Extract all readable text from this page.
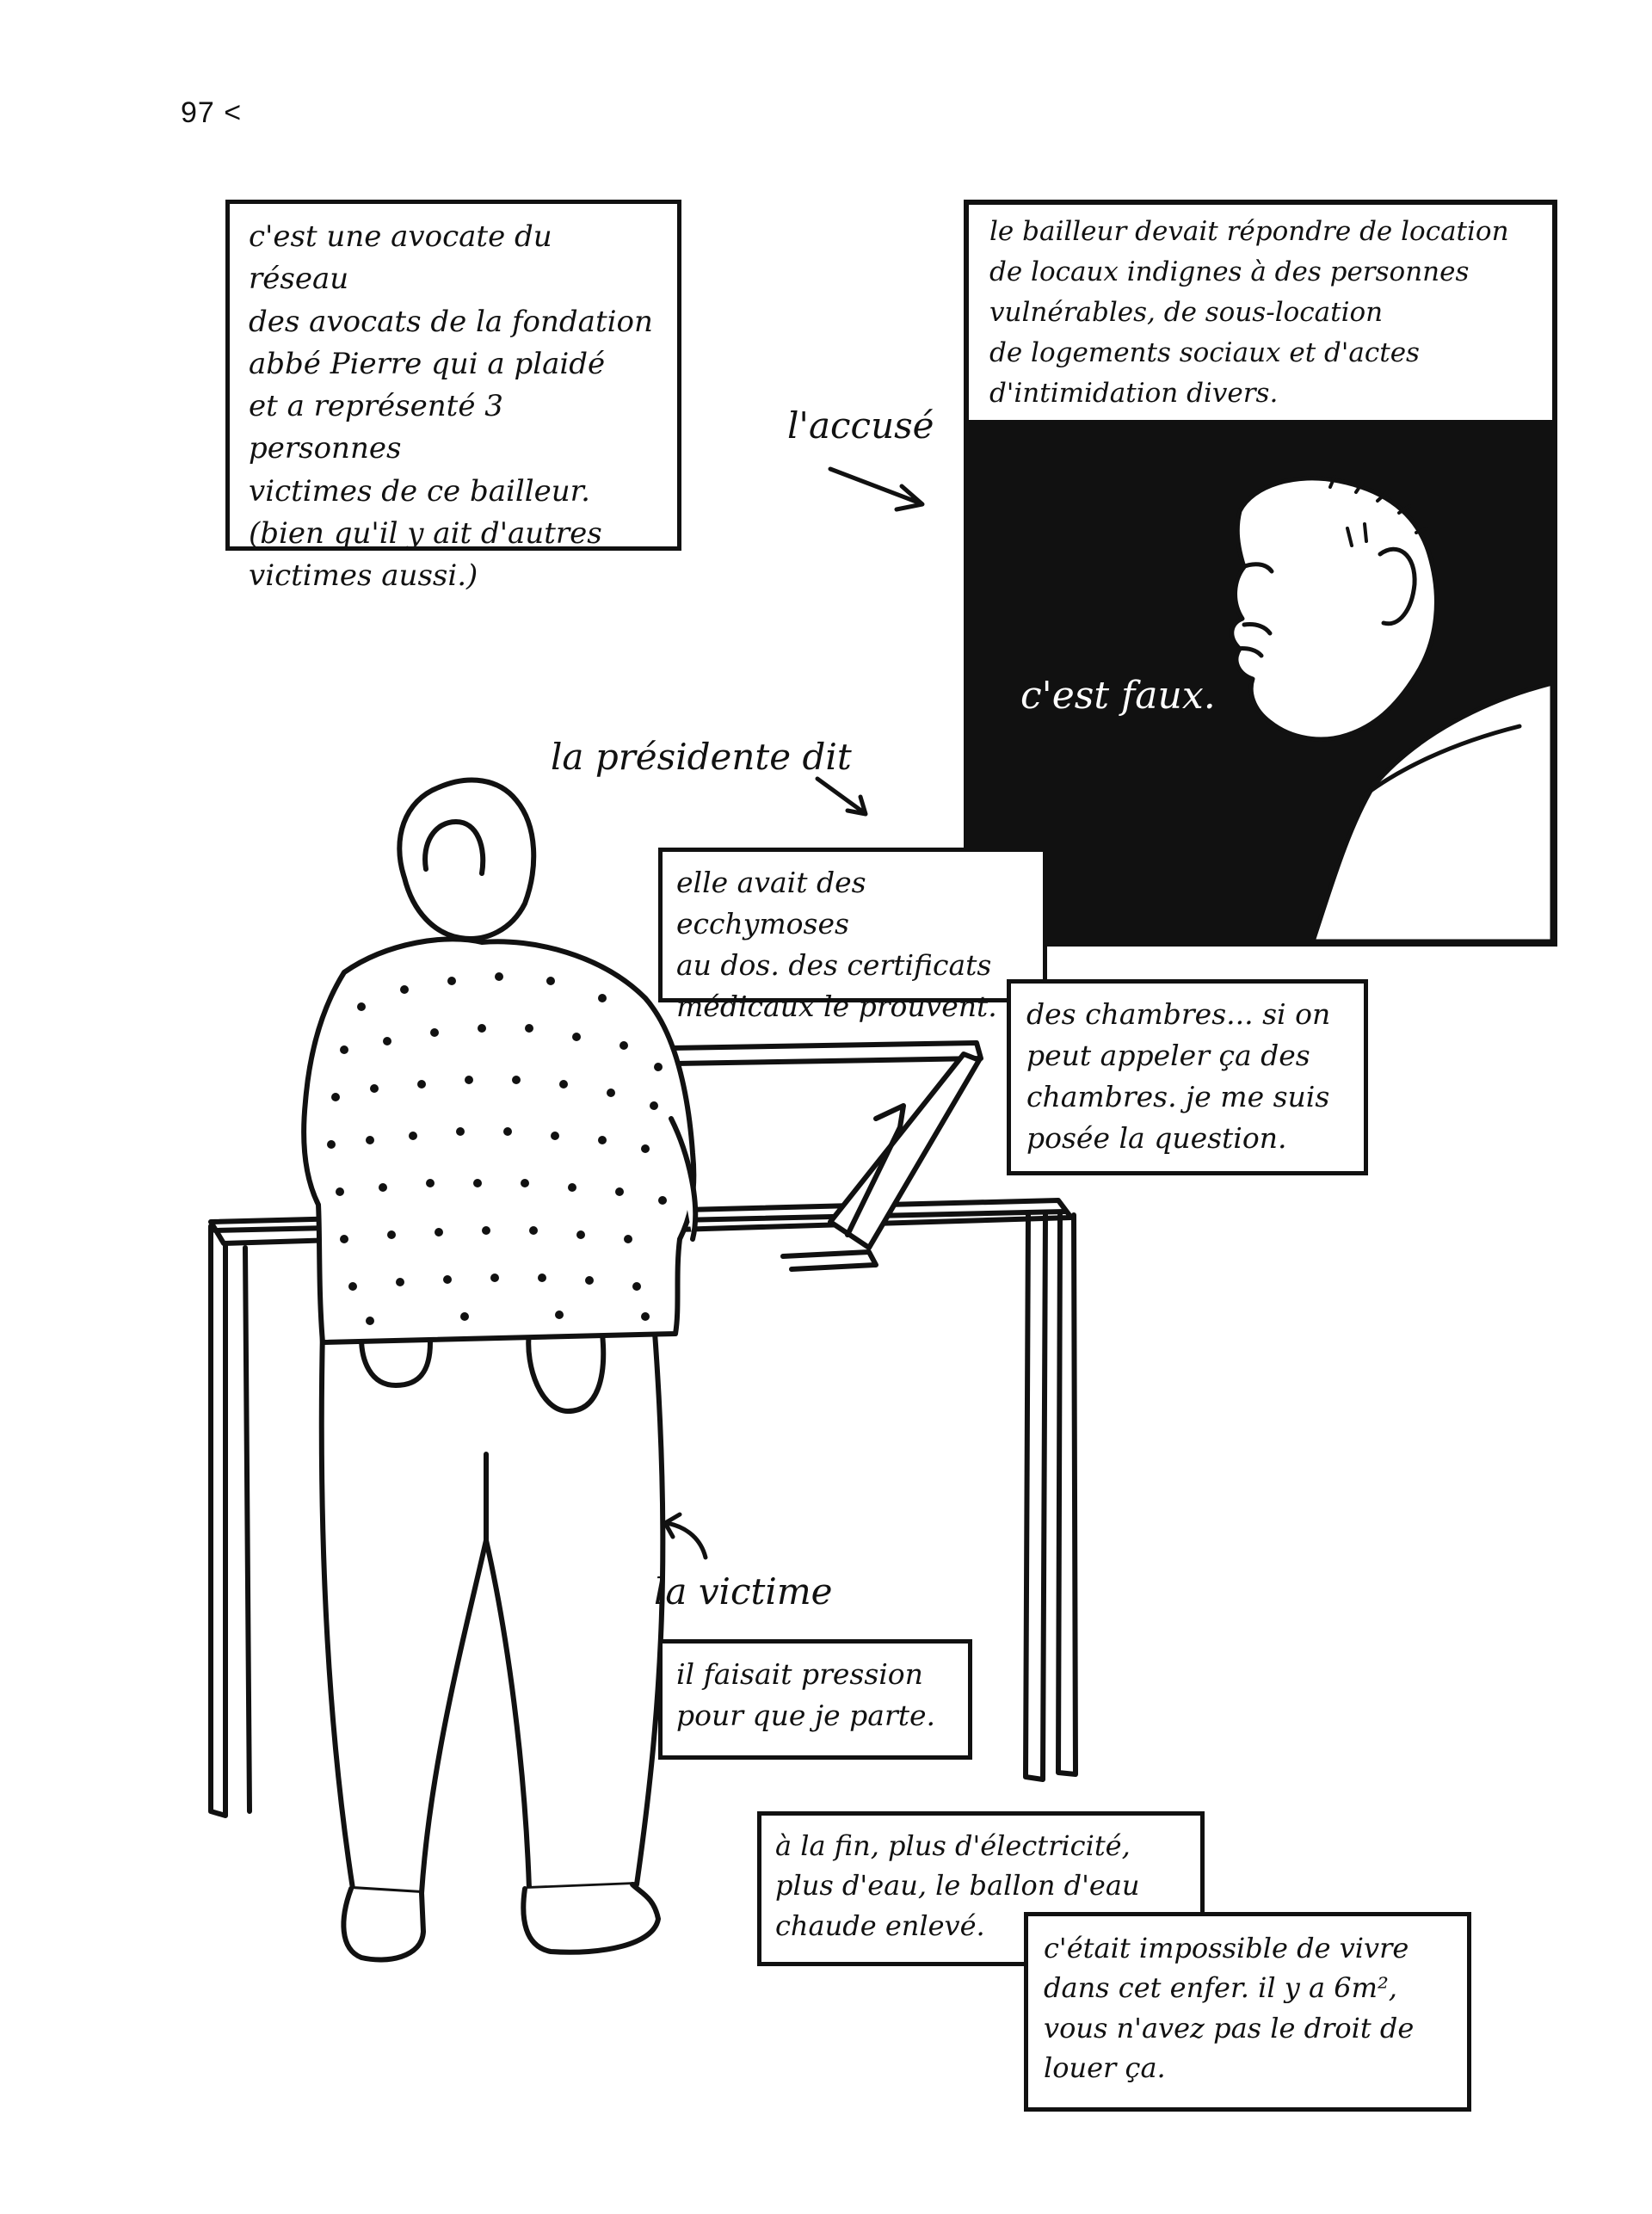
97 <

c'est une avocate du réseau
des avocats de la fondation
abbé Pierre qui a plaidé
et a représenté 3 personnes
victimes de ce bailleur.
(bien qu'il y ait d'autres
victimes aussi.)

l'accusé

le bailleur devait répondre de location
de locaux indignes à des personnes
vulnérables, de sous-location
de logements sociaux et d'actes
d'intimidation divers.

c'est faux.
la présidente dit

elle avait des ecchymoses
au dos. des certificats
médicaux le prouvent.	des chambres... si on
peut appeler ça des
chambres. je me suis
posée la question.

la victime

il faisait pression
pour que je parte.

à la fin, plus d'électricité,
plus d'eau, le ballon d'eau
chaude enlevé.

c'était impossible de vivre
dans cet enfer. il y a 6m²,
vous n'avez pas le droit de
louer ça.
